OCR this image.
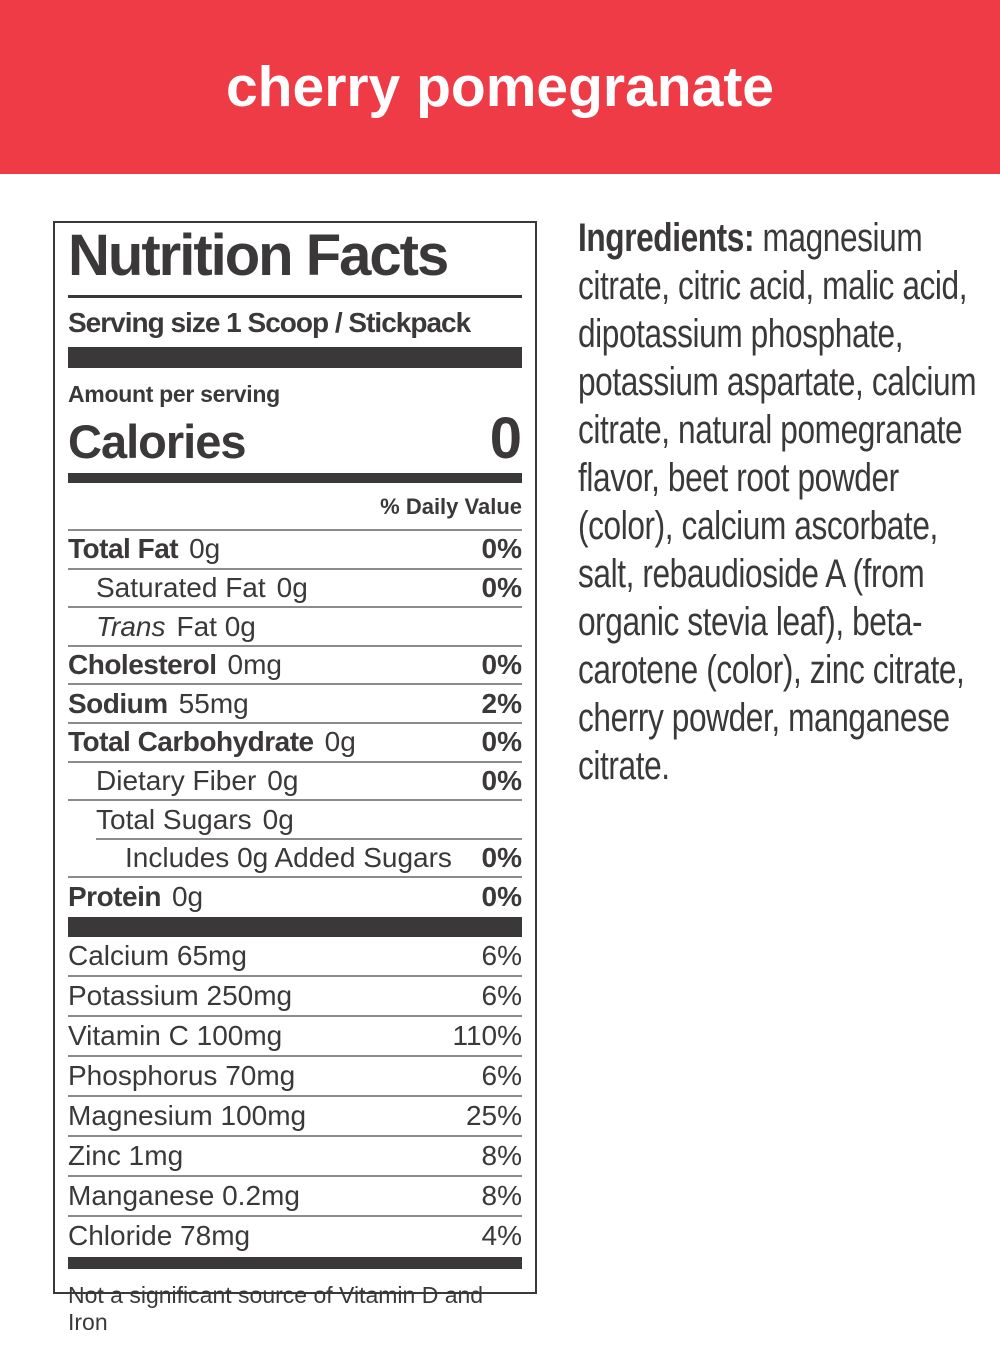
cherry pomegranate
Nutrition Facts
Serving size 1 Scoop / Stickpack
Amount per serving
Calories	0
% Daily Value
Total Fat 0g	0%
Saturated Fat 0g	0%
Trans Fat 0g
Cholesterol 0mg	0%
Sodium 55mg	2%
Total Carbohydrate 0g	0%
Dietary Fiber 0g	0%
Total Sugars 0g
Includes 0g Added Sugars 0%
Protein 0g	0%
Calcium 65mg	6%
Potassium 250mg	6%
Vitamin C 100mg	110%
Phosphorus 70mg	6%
Magnesium 100mg	25%
Zinc 1mg	8%
Manganese 0.2mg	8%
Chloride 78mg	4%
Not a significant source of Vitamin D and Iron
Ingredients: magnesium citrate, citric acid, malic acid, dipotassium phosphate, potassium aspartate, calcium citrate, natural pomegranate flavor, beet root powder (color), calcium ascorbate, salt, rebaudioside A (from organic stevia leaf), beta-carotene (color), zinc citrate, cherry powder, manganese citrate.
